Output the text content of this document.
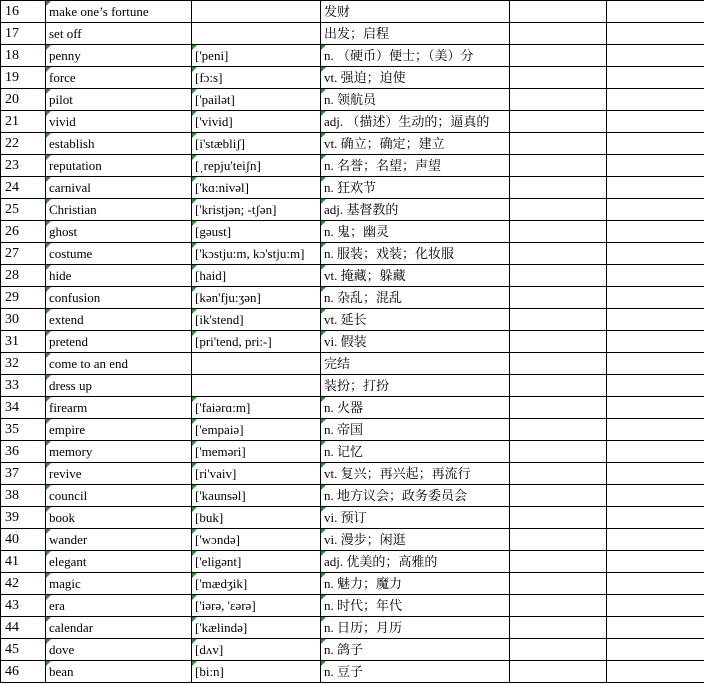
16	make one’s fortune		发财		
17	set off		出发；启程		
18	penny	['peni]	n. （硬币）便士；（美）分		
19	force	[fɔ:s]	vt. 强迫；迫使		
20	pilot	['pailət]	n. 领航员		
21	vivid	['vivid]	adj. （描述）生动的；逼真的		
22	establish	[i'stæbliʃ]	vt. 确立；确定；建立		
23	reputation	[ˌrepju'teiʃn]	n. 名誉；名望；声望		
24	carnival	['kɑ:nivəl]	n. 狂欢节		
25	Christian	['kristjən; -tʃən]	adj. 基督教的		
26	ghost	[gəust]	n. 鬼；幽灵		
27	costume	['kɔstju:m, kɔ'stju:m]	n. 服装；戏装；化妆服		
28	hide	[haid]	vt. 掩藏；躲藏		
29	confusion	[kən'fju:ʒən]	n. 杂乱；混乱		
30	extend	[ik'stend]	vt. 延长		
31	pretend	[pri'tend, pri:-]	vi. 假装		
32	come to an end		完结		
33	dress up		装扮；打扮		
34	firearm	['faiərɑ:m]	n. 火器		
35	empire	['empaiə]	n. 帝国		
36	memory	['meməri]	n. 记忆		
37	revive	[ri'vaiv]	vt. 复兴；再兴起；再流行		
38	council	['kaunsəl]	n. 地方议会；政务委员会		
39	book	[buk]	vi. 预订		
40	wander	['wɔndə]	vi. 漫步；闲逛		
41	elegant	['eligənt]	adj. 优美的；高雅的		
42	magic	['mædʒik]	n. 魅力；魔力		
43	era	['iərə, 'εərə]	n. 时代；年代		
44	calendar	['kælində]	n. 日历；月历		
45	dove	[dʌv]	n. 鸽子		
46	bean	[bi:n]	n. 豆子		
